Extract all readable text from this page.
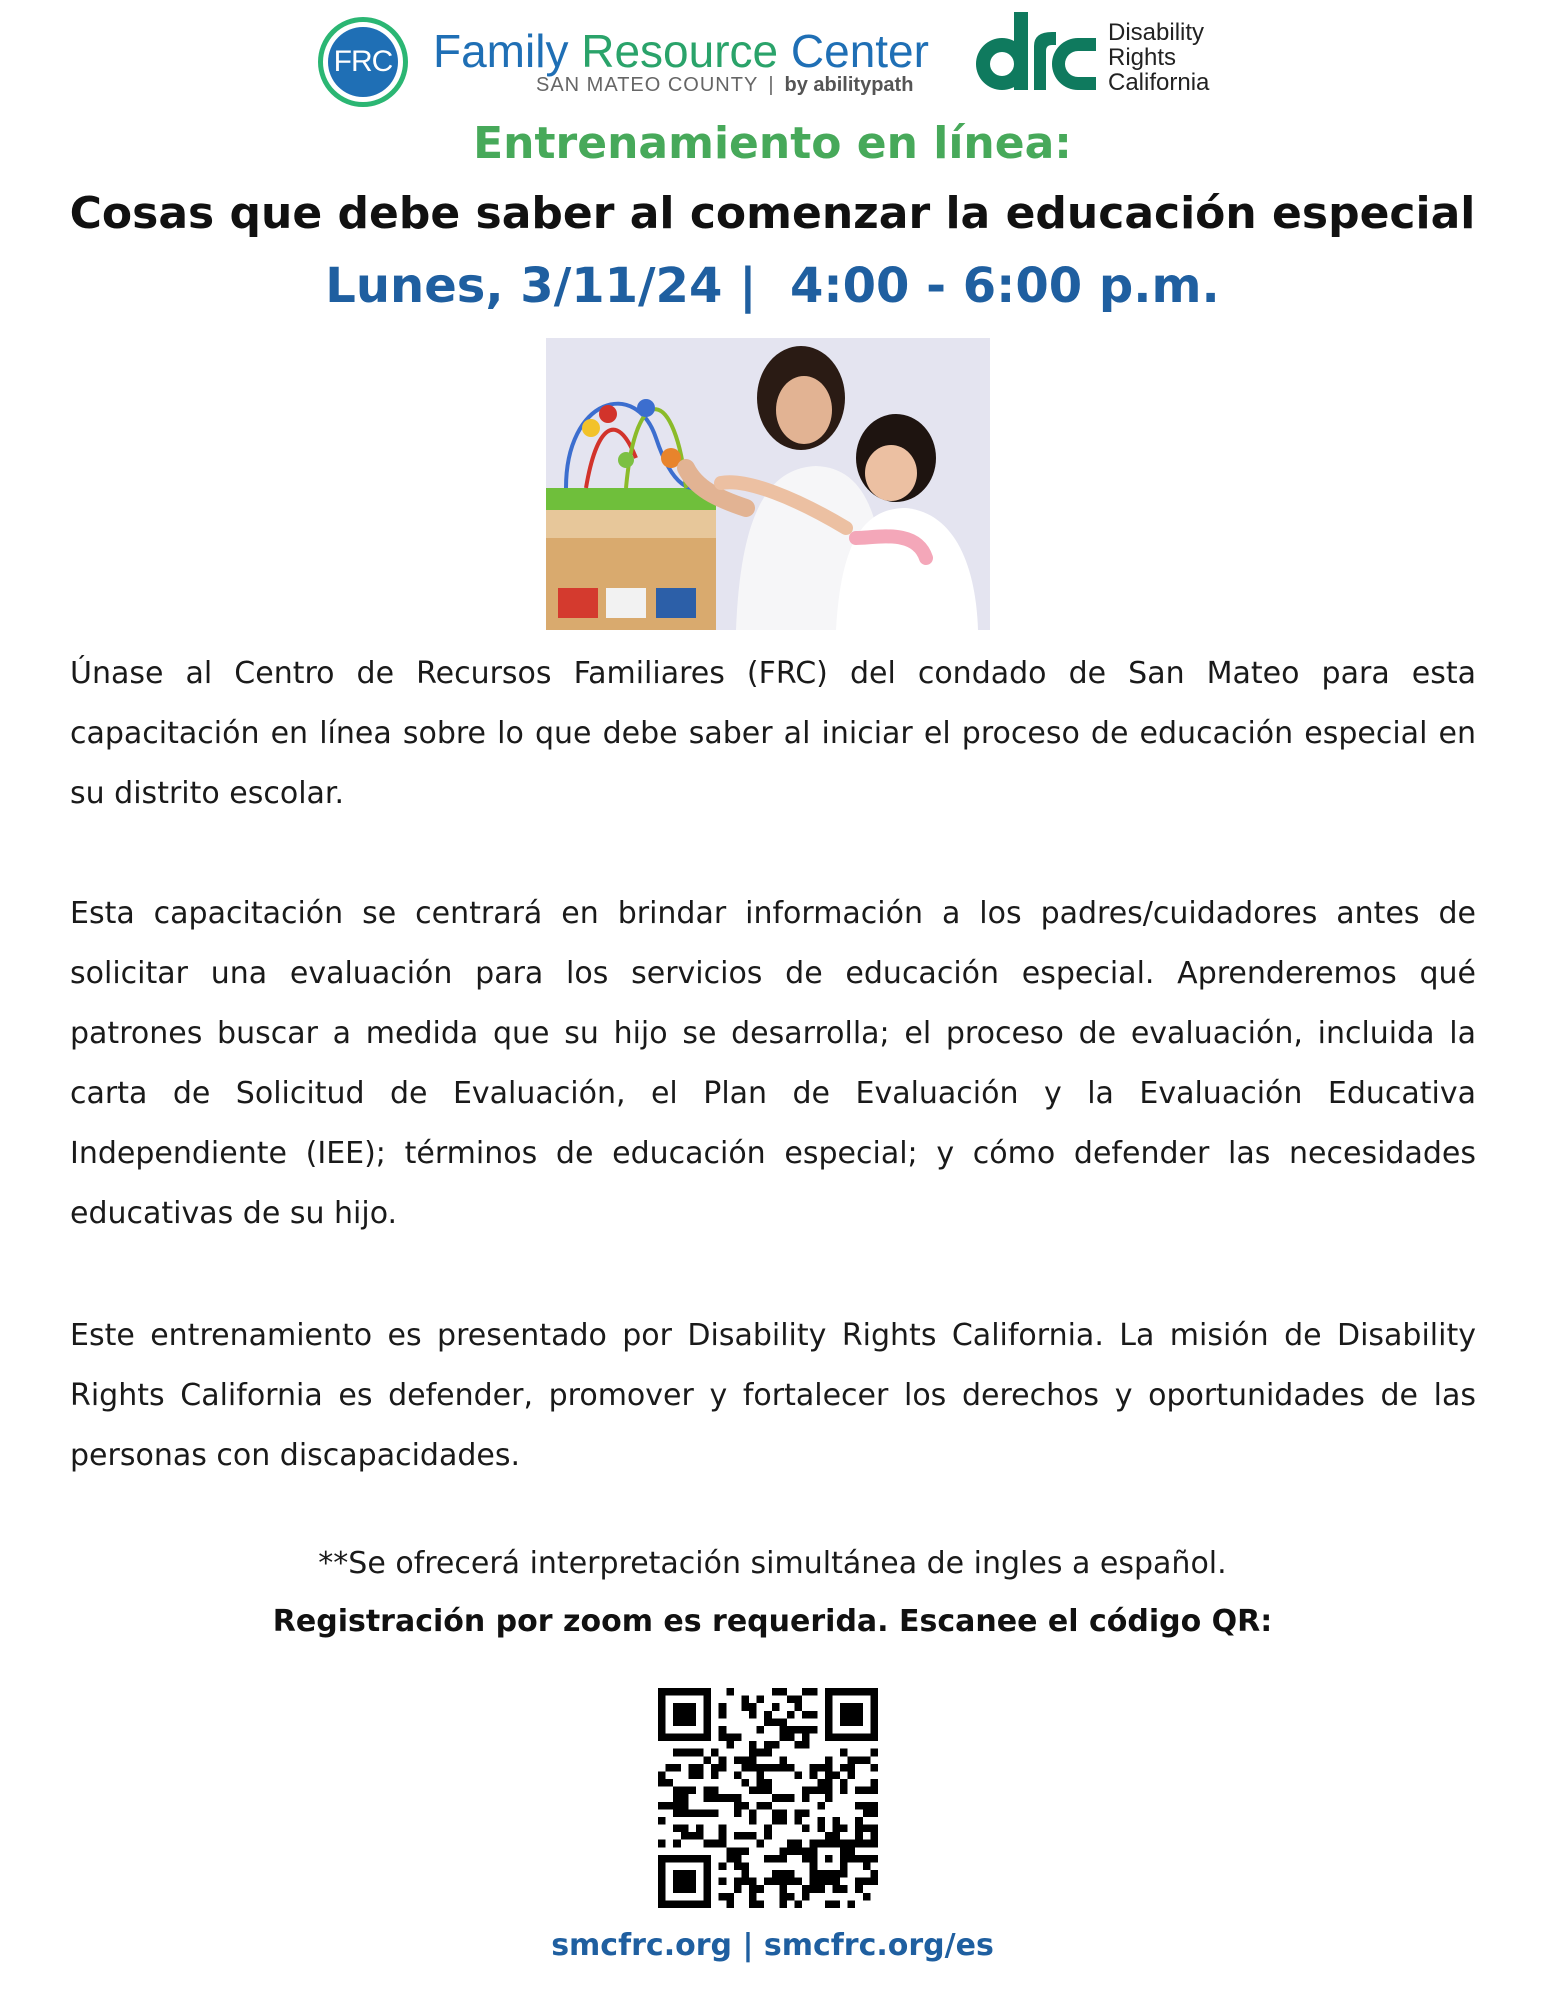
FRC Family Resource Center
SAN MATEO COUNTY | by abilitypath
Disability
Rights
California
Entrenamiento en línea:
Cosas que debe saber al comenzar la educación especial
Lunes, 3/11/24 |  4:00 - 6:00 p.m.
Únase al Centro de Recursos Familiares (FRC) del condado de San Mateo para esta capacitación en línea sobre lo que debe saber al iniciar el proceso de educación especial en su distrito escolar.
Esta capacitación se centrará en brindar información a los padres/cuidadores antes de solicitar una evaluación para los servicios de educación especial. Aprenderemos qué patrones buscar a medida que su hijo se desarrolla; el proceso de evaluación, incluida la carta de Solicitud de Evaluación, el Plan de Evaluación y la Evaluación Educativa Independiente (IEE); términos de educación especial; y cómo defender las necesidades educativas de su hijo.
Este entrenamiento es presentado por Disability Rights California. La misión de Disability Rights California es defender, promover y fortalecer los derechos y oportunidades de las personas con discapacidades.
**Se ofrecerá interpretación simultánea de ingles a español.
Registración por zoom es requerida. Escanee el código QR:
smcfrc.org | smcfrc.org/es
